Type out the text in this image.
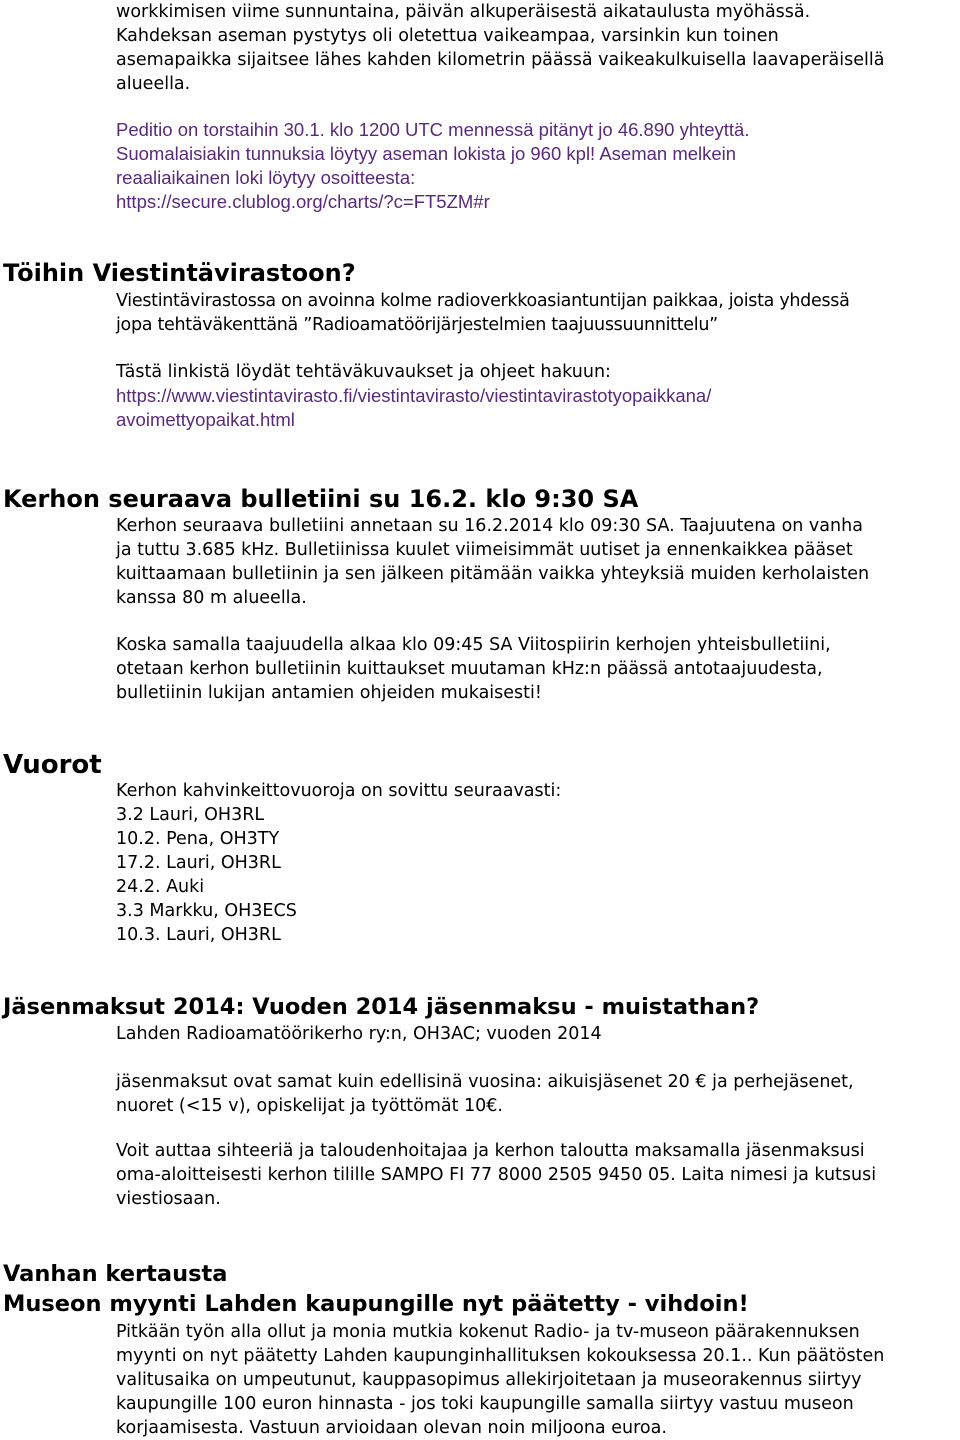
workkimisen viime sunnuntaina, päivän alkuperäisestä aikataulusta myöhässä.
Kahdeksan aseman pystytys oli oletettua vaikeampaa, varsinkin kun toinen
asemapaikka sijaitsee lähes kahden kilometrin päässä vaikeakulkuisella laavaperäisellä
alueella.

Peditio on torstaihin 30.1. klo 1200 UTC mennessä pitänyt jo 46.890 yhteyttä.
Suomalaisiakin tunnuksia löytyy aseman lokista jo 960 kpl! Aseman melkein
reaaliaikainen loki löytyy osoitteesta:
https://secure.clublog.org/charts/?c=FT5ZM#r

Töihin Viestintävirastoon?

Viestintävirastossa on avoinna kolme radioverkkoasiantuntijan paikkaa, joista yhdessä
jopa tehtäväkenttänä ”Radioamatöörijärjestelmien taajuussuunnittelu”

Tästä linkistä löydät tehtäväkuvaukset ja ohjeet hakuun:

https://www.viestintavirasto.fi/viestintavirasto/viestintavirastotyopaikkana/
avoimettyopaikat.html

Kerhon seuraava bulletiini su 16.2. klo 9:30 SA

Kerhon seuraava bulletiini annetaan su 16.2.2014 klo 09:30 SA. Taajuutena on vanha
ja tuttu 3.685 kHz. Bulletiinissa kuulet viimeisimmät uutiset ja ennenkaikkea pääset
kuittaamaan bulletiinin ja sen jälkeen pitämään vaikka yhteyksiä muiden kerholaisten
kanssa 80 m alueella.

Koska samalla taajuudella alkaa klo 09:45 SA Viitospiirin kerhojen yhteisbulletiini,
otetaan kerhon bulletiinin kuittaukset muutaman kHz:n päässä antotaajuudesta,
bulletiinin lukijan antamien ohjeiden mukaisesti!

Vuorot

Kerhon kahvinkeittovuoroja on sovittu seuraavasti:

3.2 Lauri, OH3RL
10.2. Pena, OH3TY
17.2. Lauri, OH3RL
24.2. Auki
3.3 Markku, OH3ECS
10.3. Lauri, OH3RL
Jäsenmaksut 2014: Vuoden 2014 jäsenmaksu - muistathan?

Lahden Radioamatöörikerho ry:n, OH3AC; vuoden 2014

jäsenmaksut ovat samat kuin edellisinä vuosina: aikuisjäsenet 20 € ja perhejäsenet,
nuoret (<15 v), opiskelijat ja työttömät 10€.

Voit auttaa sihteeriä ja taloudenhoitajaa ja kerhon taloutta maksamalla jäsenmaksusi
oma-aloitteisesti kerhon tilille SAMPO FI 77 8000 2505 9450 05. Laita nimesi ja kutsusi
viestiosaan.

Vanhan kertausta
Museon myynti Lahden kaupungille nyt päätetty - vihdoin!

Pitkään työn alla ollut ja monia mutkia kokenut Radio- ja tv-museon päärakennuksen
myynti on nyt päätetty Lahden kaupunginhallituksen kokouksessa 20.1.. Kun päätösten
valitusaika on umpeutunut, kauppasopimus allekirjoitetaan ja museorakennus siirtyy
kaupungille 100 euron hinnasta - jos toki kaupungille samalla siirtyy vastuu museon
korjaamisesta. Vastuun arvioidaan olevan noin miljoona euroa.
